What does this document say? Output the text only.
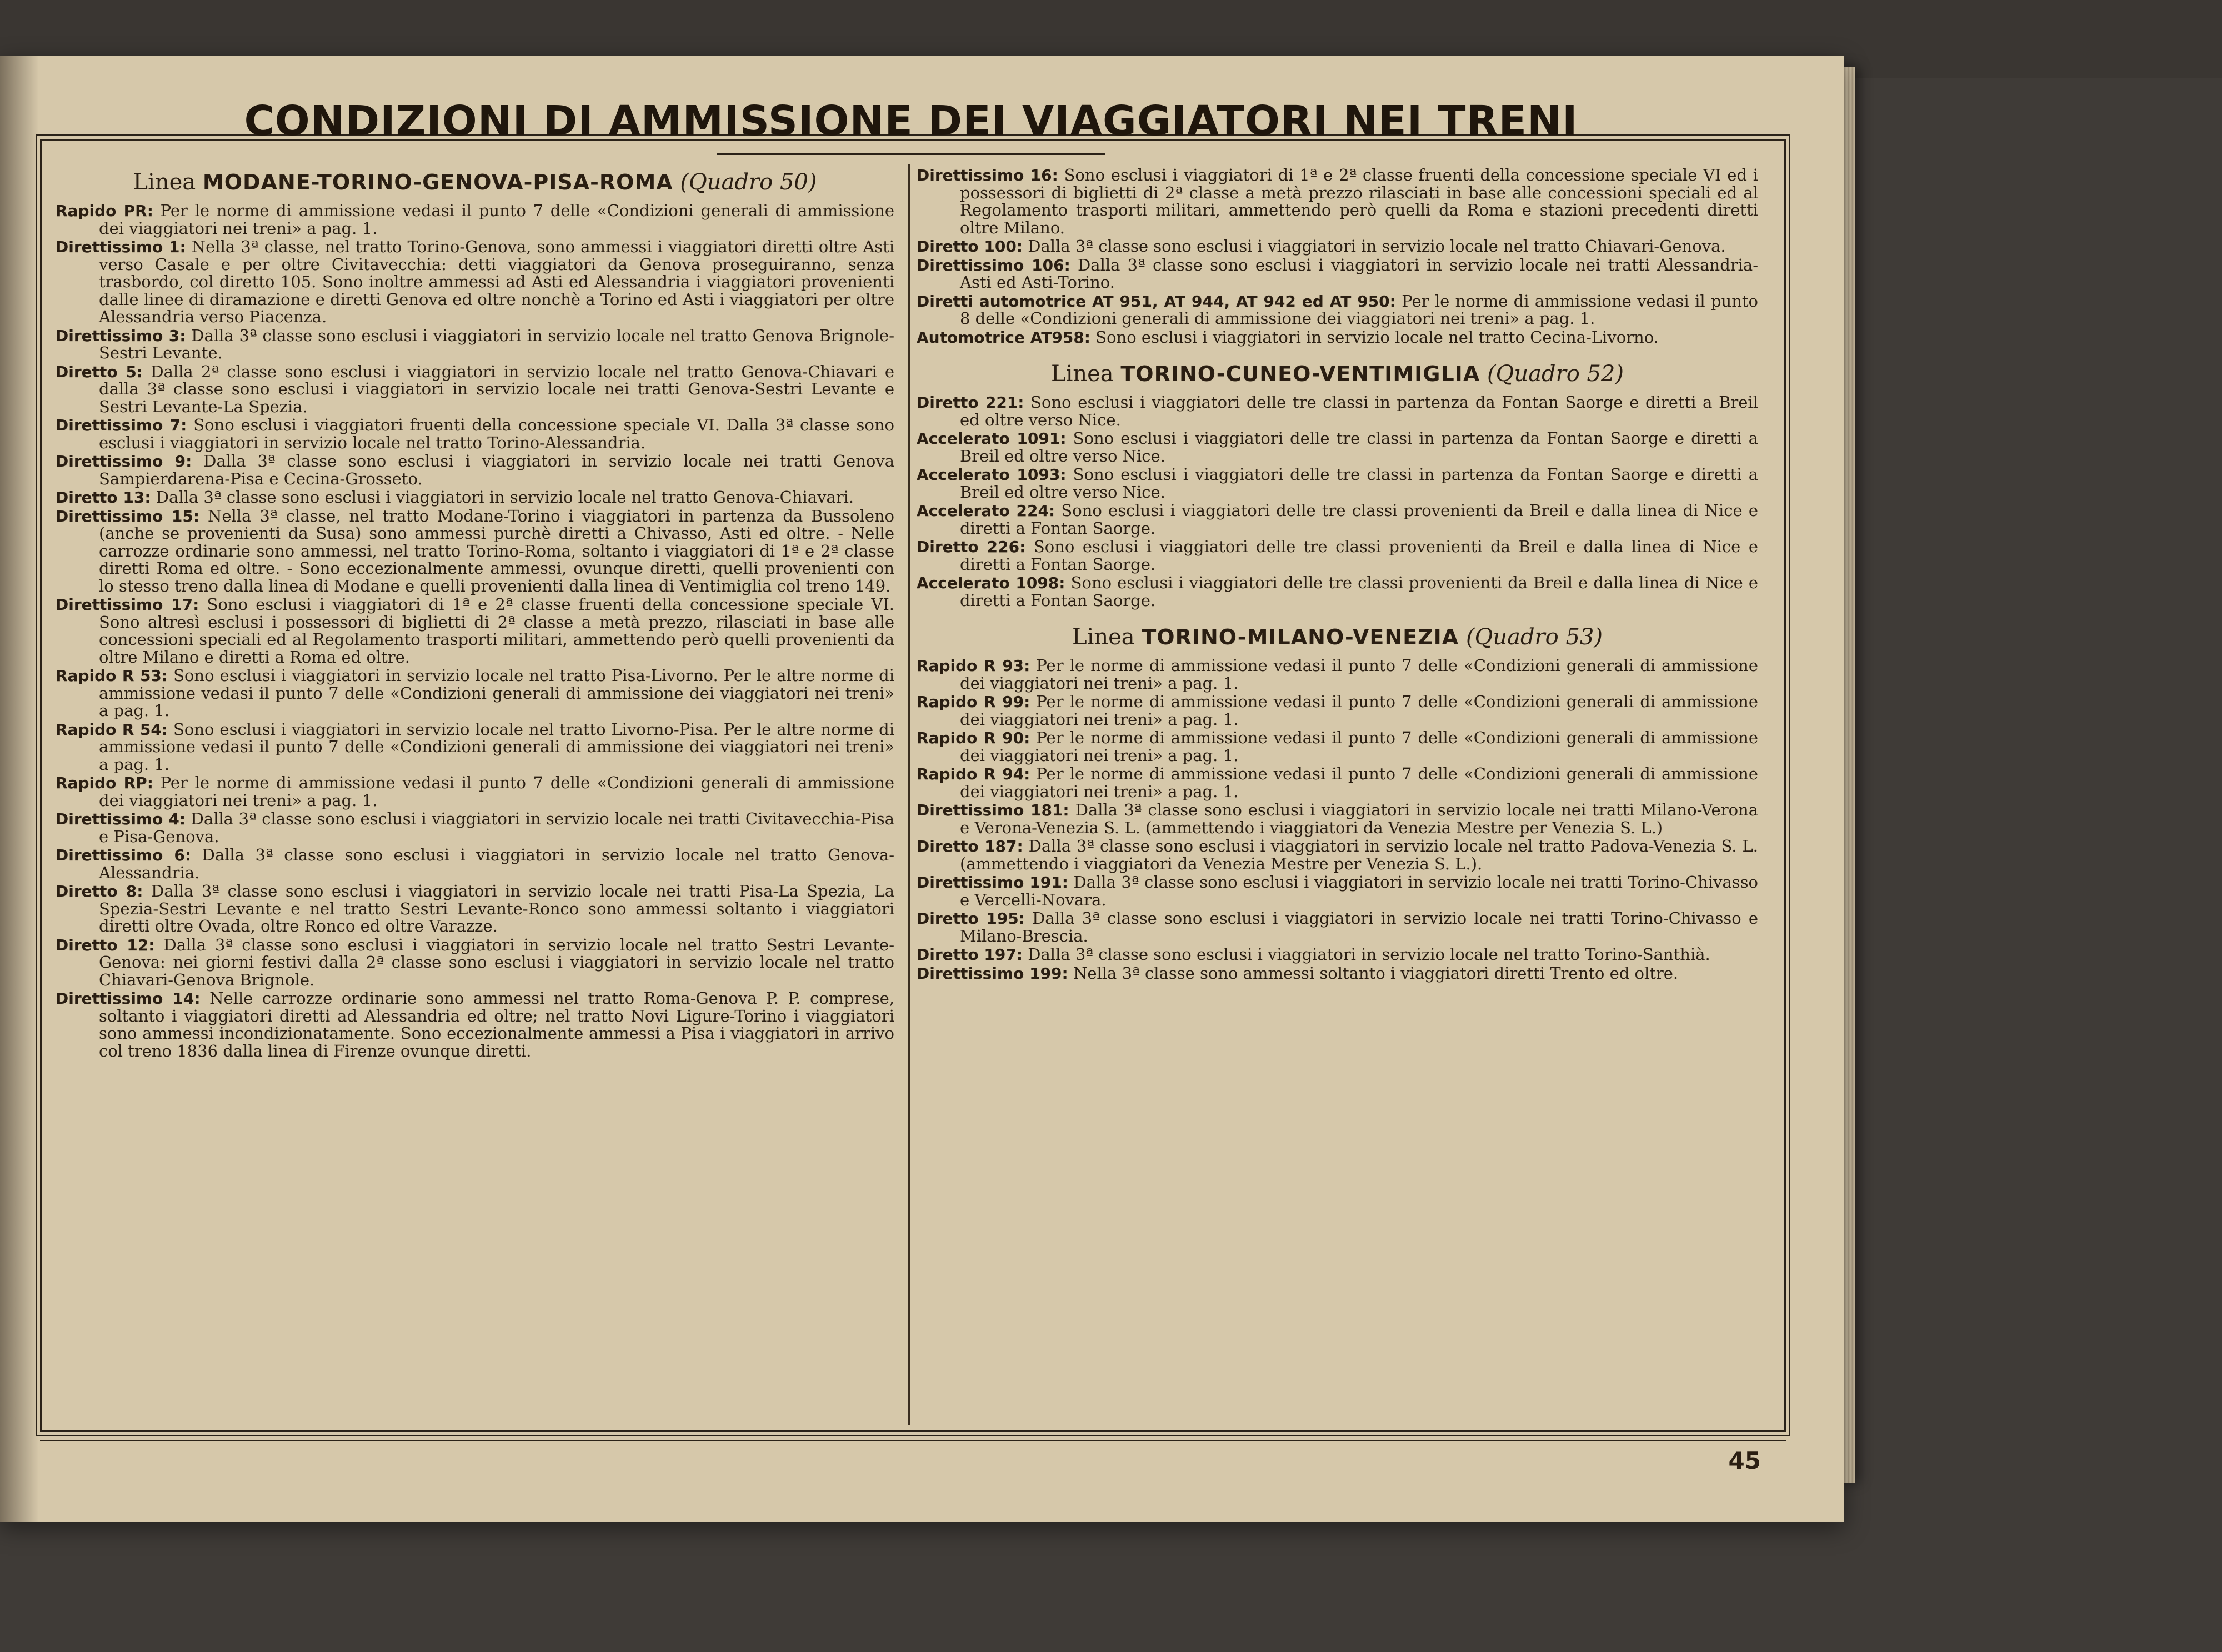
CONDIZIONI DI AMMISSIONE DEI VIAGGIATORI NEI TRENI
Linea MODANE-TORINO-GENOVA-PISA-ROMA (Quadro 50)

Rapido PR: Per le norme di ammissione vedasi il punto 7 delle «Condizioni generali di ammissione dei viaggiatori nei treni» a pag. 1.

Direttissimo 1: Nella 3ª classe, nel tratto Torino-Genova, sono ammessi i viaggiatori diretti oltre Asti verso Casale e per oltre Civitavecchia: detti viaggiatori da Genova proseguiranno, senza trasbordo, col diretto 105. Sono inoltre ammessi ad Asti ed Alessandria i viaggiatori provenienti dalle linee di diramazione e diretti Genova ed oltre nonchè a Torino ed Asti i viaggiatori per oltre Alessandria verso Piacenza.

Direttissimo 3: Dalla 3ª classe sono esclusi i viaggiatori in servizio locale nel tratto Genova Brignole-Sestri Levante.

Diretto 5: Dalla 2ª classe sono esclusi i viaggiatori in servizio locale nel tratto Genova-Chiavari e dalla 3ª classe sono esclusi i viaggiatori in servizio locale nei tratti Genova-Sestri Levante e Sestri Levante-La Spezia.

Direttissimo 7: Sono esclusi i viaggiatori fruenti della concessione speciale VI. Dalla 3ª classe sono esclusi i viaggiatori in servizio locale nel tratto Torino-Alessandria.

Direttissimo 9: Dalla 3ª classe sono esclusi i viaggiatori in servizio locale nei tratti Genova Sampierdarena-Pisa e Cecina-Grosseto.

Diretto 13: Dalla 3ª classe sono esclusi i viaggiatori in servizio locale nel tratto Genova-Chiavari.

Direttissimo 15: Nella 3ª classe, nel tratto Modane-Torino i viaggiatori in partenza da Bussoleno (anche se provenienti da Susa) sono ammessi purchè diretti a Chivasso, Asti ed oltre. - Nelle carrozze ordinarie sono ammessi, nel tratto Torino-Roma, soltanto i viaggiatori di 1ª e 2ª classe diretti Roma ed oltre. - Sono eccezionalmente ammessi, ovunque diretti, quelli provenienti con lo stesso treno dalla linea di Modane e quelli provenienti dalla linea di Ventimiglia col treno 149.

Direttissimo 17: Sono esclusi i viaggiatori di 1ª e 2ª classe fruenti della concessione speciale VI. Sono altresì esclusi i possessori di biglietti di 2ª classe a metà prezzo, rilasciati in base alle concessioni speciali ed al Regolamento trasporti militari, ammettendo però quelli provenienti da oltre Milano e diretti a Roma ed oltre.

Rapido R 53: Sono esclusi i viaggiatori in servizio locale nel tratto Pisa-Livorno. Per le altre norme di ammissione vedasi il punto 7 delle «Condizioni generali di ammissione dei viaggiatori nei treni» a pag. 1.

Rapido R 54: Sono esclusi i viaggiatori in servizio locale nel tratto Livorno-Pisa. Per le altre norme di ammissione vedasi il punto 7 delle «Condizioni generali di ammissione dei viaggiatori nei treni» a pag. 1.

Rapido RP: Per le norme di ammissione vedasi il punto 7 delle «Condizioni generali di ammissione dei viaggiatori nei treni» a pag. 1.

Direttissimo 4: Dalla 3ª classe sono esclusi i viaggiatori in servizio locale nei tratti Civitavecchia-Pisa e Pisa-Genova.

Direttissimo 6: Dalla 3ª classe sono esclusi i viaggiatori in servizio locale nel tratto Genova-Alessandria.

Diretto 8: Dalla 3ª classe sono esclusi i viaggiatori in servizio locale nei tratti Pisa-La Spezia, La Spezia-Sestri Levante e nel tratto Sestri Levante-Ronco sono ammessi soltanto i viaggiatori diretti oltre Ovada, oltre Ronco ed oltre Varazze.

Diretto 12: Dalla 3ª classe sono esclusi i viaggiatori in servizio locale nel tratto Sestri Levante-Genova: nei giorni festivi dalla 2ª classe sono esclusi i viaggiatori in servizio locale nel tratto Chiavari-Genova Brignole.

Direttissimo 14: Nelle carrozze ordinarie sono ammessi nel tratto Roma-Genova P. P. comprese, soltanto i viaggiatori diretti ad Alessandria ed oltre; nel tratto Novi Ligure-Torino i viaggiatori sono ammessi incondizionatamente. Sono eccezionalmente ammessi a Pisa i viaggiatori in arrivo col treno 1836 dalla linea di Firenze ovunque diretti.

Direttissimo 16: Sono esclusi i viaggiatori di 1ª e 2ª classe fruenti della concessione speciale VI ed i possessori di biglietti di 2ª classe a metà prezzo rilasciati in base alle concessioni speciali ed al Regolamento trasporti militari, ammettendo però quelli da Roma e stazioni precedenti diretti oltre Milano.

Diretto 100: Dalla 3ª classe sono esclusi i viaggiatori in servizio locale nel tratto Chiavari-Genova.

Direttissimo 106: Dalla 3ª classe sono esclusi i viaggiatori in servizio locale nei tratti Alessandria-Asti ed Asti-Torino.

Diretti automotrice AT 951, AT 944, AT 942 ed AT 950: Per le norme di ammissione vedasi il punto 8 delle «Condizioni generali di ammissione dei viaggiatori nei treni» a pag. 1.

Automotrice AT958: Sono esclusi i viaggiatori in servizio locale nel tratto Cecina-Livorno.

Linea TORINO-CUNEO-VENTIMIGLIA (Quadro 52)

Diretto 221: Sono esclusi i viaggiatori delle tre classi in partenza da Fontan Saorge e diretti a Breil ed oltre verso Nice.

Accelerato 1091: Sono esclusi i viaggiatori delle tre classi in partenza da Fontan Saorge e diretti a Breil ed oltre verso Nice.

Accelerato 1093: Sono esclusi i viaggiatori delle tre classi in partenza da Fontan Saorge e diretti a Breil ed oltre verso Nice.

Accelerato 224: Sono esclusi i viaggiatori delle tre classi provenienti da Breil e dalla linea di Nice e diretti a Fontan Saorge.

Diretto 226: Sono esclusi i viaggiatori delle tre classi provenienti da Breil e dalla linea di Nice e diretti a Fontan Saorge.

Accelerato 1098: Sono esclusi i viaggiatori delle tre classi provenienti da Breil e dalla linea di Nice e diretti a Fontan Saorge.

Linea TORINO-MILANO-VENEZIA (Quadro 53)

Rapido R 93: Per le norme di ammissione vedasi il punto 7 delle «Condizioni generali di ammissione dei viaggiatori nei treni» a pag. 1.

Rapido R 99: Per le norme di ammissione vedasi il punto 7 delle «Condizioni generali di ammissione dei viaggiatori nei treni» a pag. 1.

Rapido R 90: Per le norme di ammissione vedasi il punto 7 delle «Condizioni generali di ammissione dei viaggiatori nei treni» a pag. 1.

Rapido R 94: Per le norme di ammissione vedasi il punto 7 delle «Condizioni generali di ammissione dei viaggiatori nei treni» a pag. 1.

Direttissimo 181: Dalla 3ª classe sono esclusi i viaggiatori in servizio locale nei tratti Milano-Verona e Verona-Venezia S. L. (ammettendo i viaggiatori da Venezia Mestre per Venezia S. L.)

Diretto 187: Dalla 3ª classe sono esclusi i viaggiatori in servizio locale nel tratto Padova-Venezia S. L. (ammettendo i viaggiatori da Venezia Mestre per Venezia S. L.).

Direttissimo 191: Dalla 3ª classe sono esclusi i viaggiatori in servizio locale nei tratti Torino-Chivasso e Vercelli-Novara.

Diretto 195: Dalla 3ª classe sono esclusi i viaggiatori in servizio locale nei tratti Torino-Chivasso e Milano-Brescia.

Diretto 197: Dalla 3ª classe sono esclusi i viaggiatori in servizio locale nel tratto Torino-Santhià.

Direttissimo 199: Nella 3ª classe sono ammessi soltanto i viaggiatori diretti Trento ed oltre.

45
